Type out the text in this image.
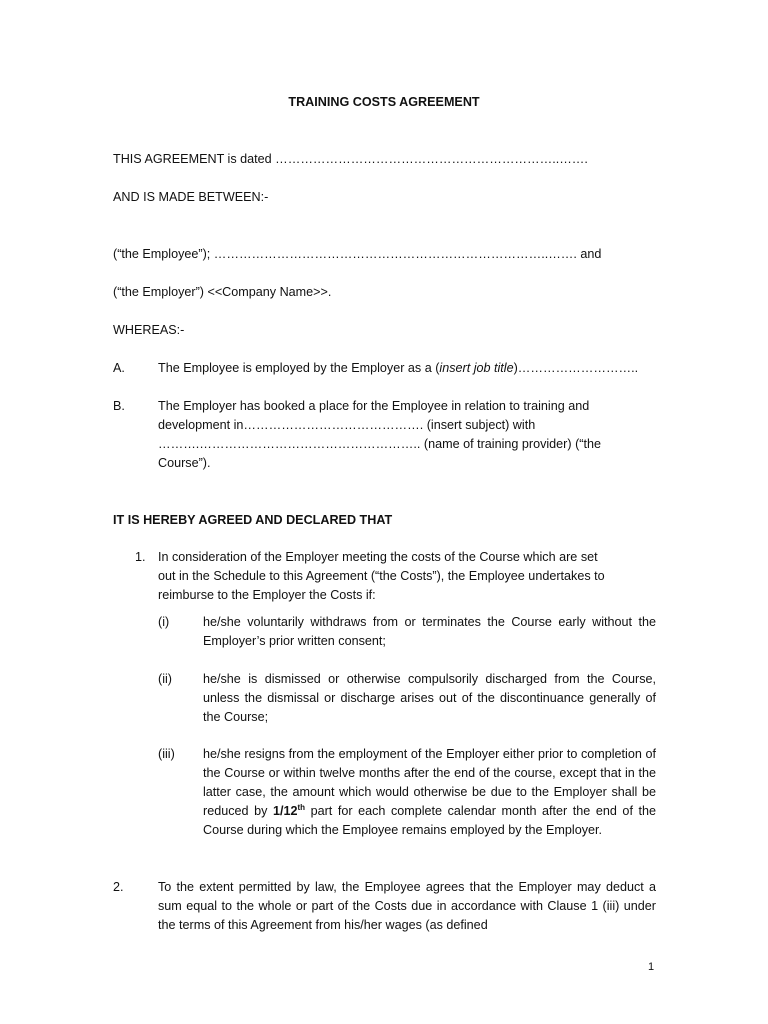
TRAINING COSTS AGREEMENT
THIS AGREEMENT is dated …………………………………………………………..…….
AND IS MADE BETWEEN:-
(“the Employee”); ……………………………………………………………………..……. and
(“the Employer”) <<Company Name>>.
WHEREAS:-
A.	The Employee is employed by the Employer as a (insert job title)………………………..
B.	The Employer has booked a place for the Employee in relation to training and
development in……………………………………. (insert subject) with
……….…………………………………………….. (name of training provider) (“the
Course”).
IT IS HEREBY AGREED AND DECLARED THAT
1. In consideration of the Employer meeting the costs of the Course which are set
out in the Schedule to this Agreement (“the Costs”), the Employee undertakes to
reimburse to the Employer the Costs if:
(i)	he/she voluntarily withdraws from or terminates the Course early without the Employer’s prior written consent;
(ii) he/she is dismissed or otherwise compulsorily discharged from the Course, unless the dismissal or discharge arises out of the discontinuance generally of the Course;
(iii) he/she resigns from the employment of the Employer either prior to completion of the Course or within twelve months after the end of the course, except that in the latter case, the amount which would otherwise be due to the Employer shall be reduced by 1/12th part for each complete calendar month after the end of the Course during which the Employee remains employed by the Employer.
2.	To the extent permitted by law, the Employee agrees that the Employer may deduct a sum equal to the whole or part of the Costs due in accordance with Clause 1 (iii) under the terms of this Agreement from his/her wages (as defined
1
